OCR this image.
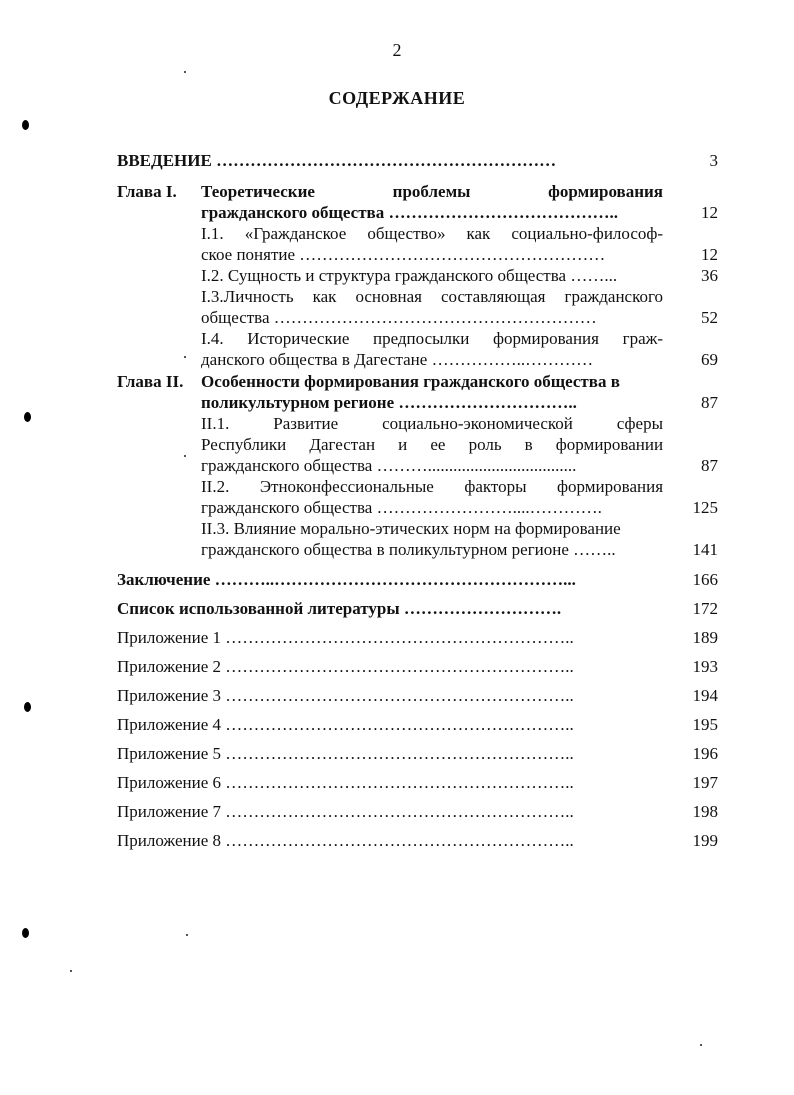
2
СОДЕРЖАНИЕ
ВВЕДЕНИЕ ……………………………………………………	3
Глава I. Теоретические	проблемы	формирования
гражданского общества …………………………………..	12
I.1. «Гражданское общество» как социально-философ-
ское понятие ………………………………………………	12
I.2. Сущность и структура гражданского общества ……...	36
I.3.Личность как основная составляющая гражданского
общества …………………………………………………	52
I.4. Исторические предпосылки формирования граж-
данского общества в Дагестане ……………..…………	69
Глава II. Особенности формирования гражданского общества в
поликультурном регионе …………………………..	87
II.1.	Развитие	социально-экономической	сферы
Республики Дагестан и ее роль в формировании
гражданского общества ………...................................	87
II.2. Этноконфессиональные факторы формирования
гражданского общества ……………………....………….	125
II.3. Влияние морально-этических норм на формирование
гражданского общества в поликультурном регионе ……..	141
Заключение ………..……………………………………………...	166
Список использованной литературы ……………………….	172
Приложение 1 ……………………………………………………..	189
Приложение 2 ……………………………………………………..	193
Приложение 3 ……………………………………………………..	194
Приложение 4 ……………………………………………………..	195
Приложение 5 ……………………………………………………..	196
Приложение 6 ……………………………………………………..	197
Приложение 7 ……………………………………………………..	198
Приложение 8 ……………………………………………………..	199
